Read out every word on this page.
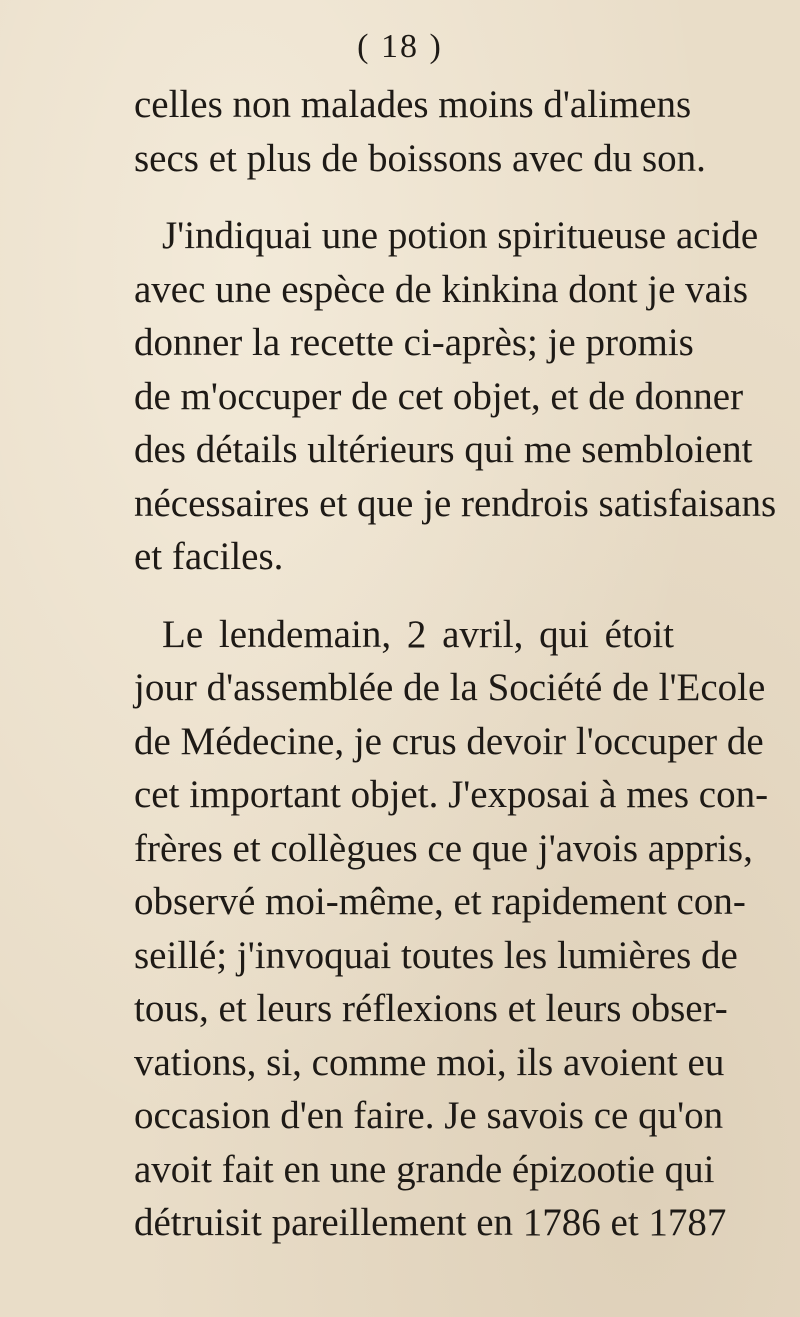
( 18 )
celles non malades moins d'alimens
secs et plus de boissons avec du son.
J'indiquai une potion spiritueuse acide
avec une espèce de kinkina dont je vais
donner la recette ci-après; je promis
de m'occuper de cet objet, et de donner
des détails ultérieurs qui me sembloient
nécessaires et que je rendrois satisfaisans
et faciles.
Le lendemain, 2 avril, qui étoit
jour d'assemblée de la Société de l'Ecole
de Médecine, je crus devoir l'occuper de
cet important objet. J'exposai à mes con-
frères et collègues ce que j'avois appris,
observé moi-même, et rapidement con-
seillé; j'invoquai toutes les lumières de
tous, et leurs réflexions et leurs obser-
vations, si, comme moi, ils avoient eu
occasion d'en faire. Je savois ce qu'on
avoit fait en une grande épizootie qui
détruisit pareillement en 1786 et 1787
